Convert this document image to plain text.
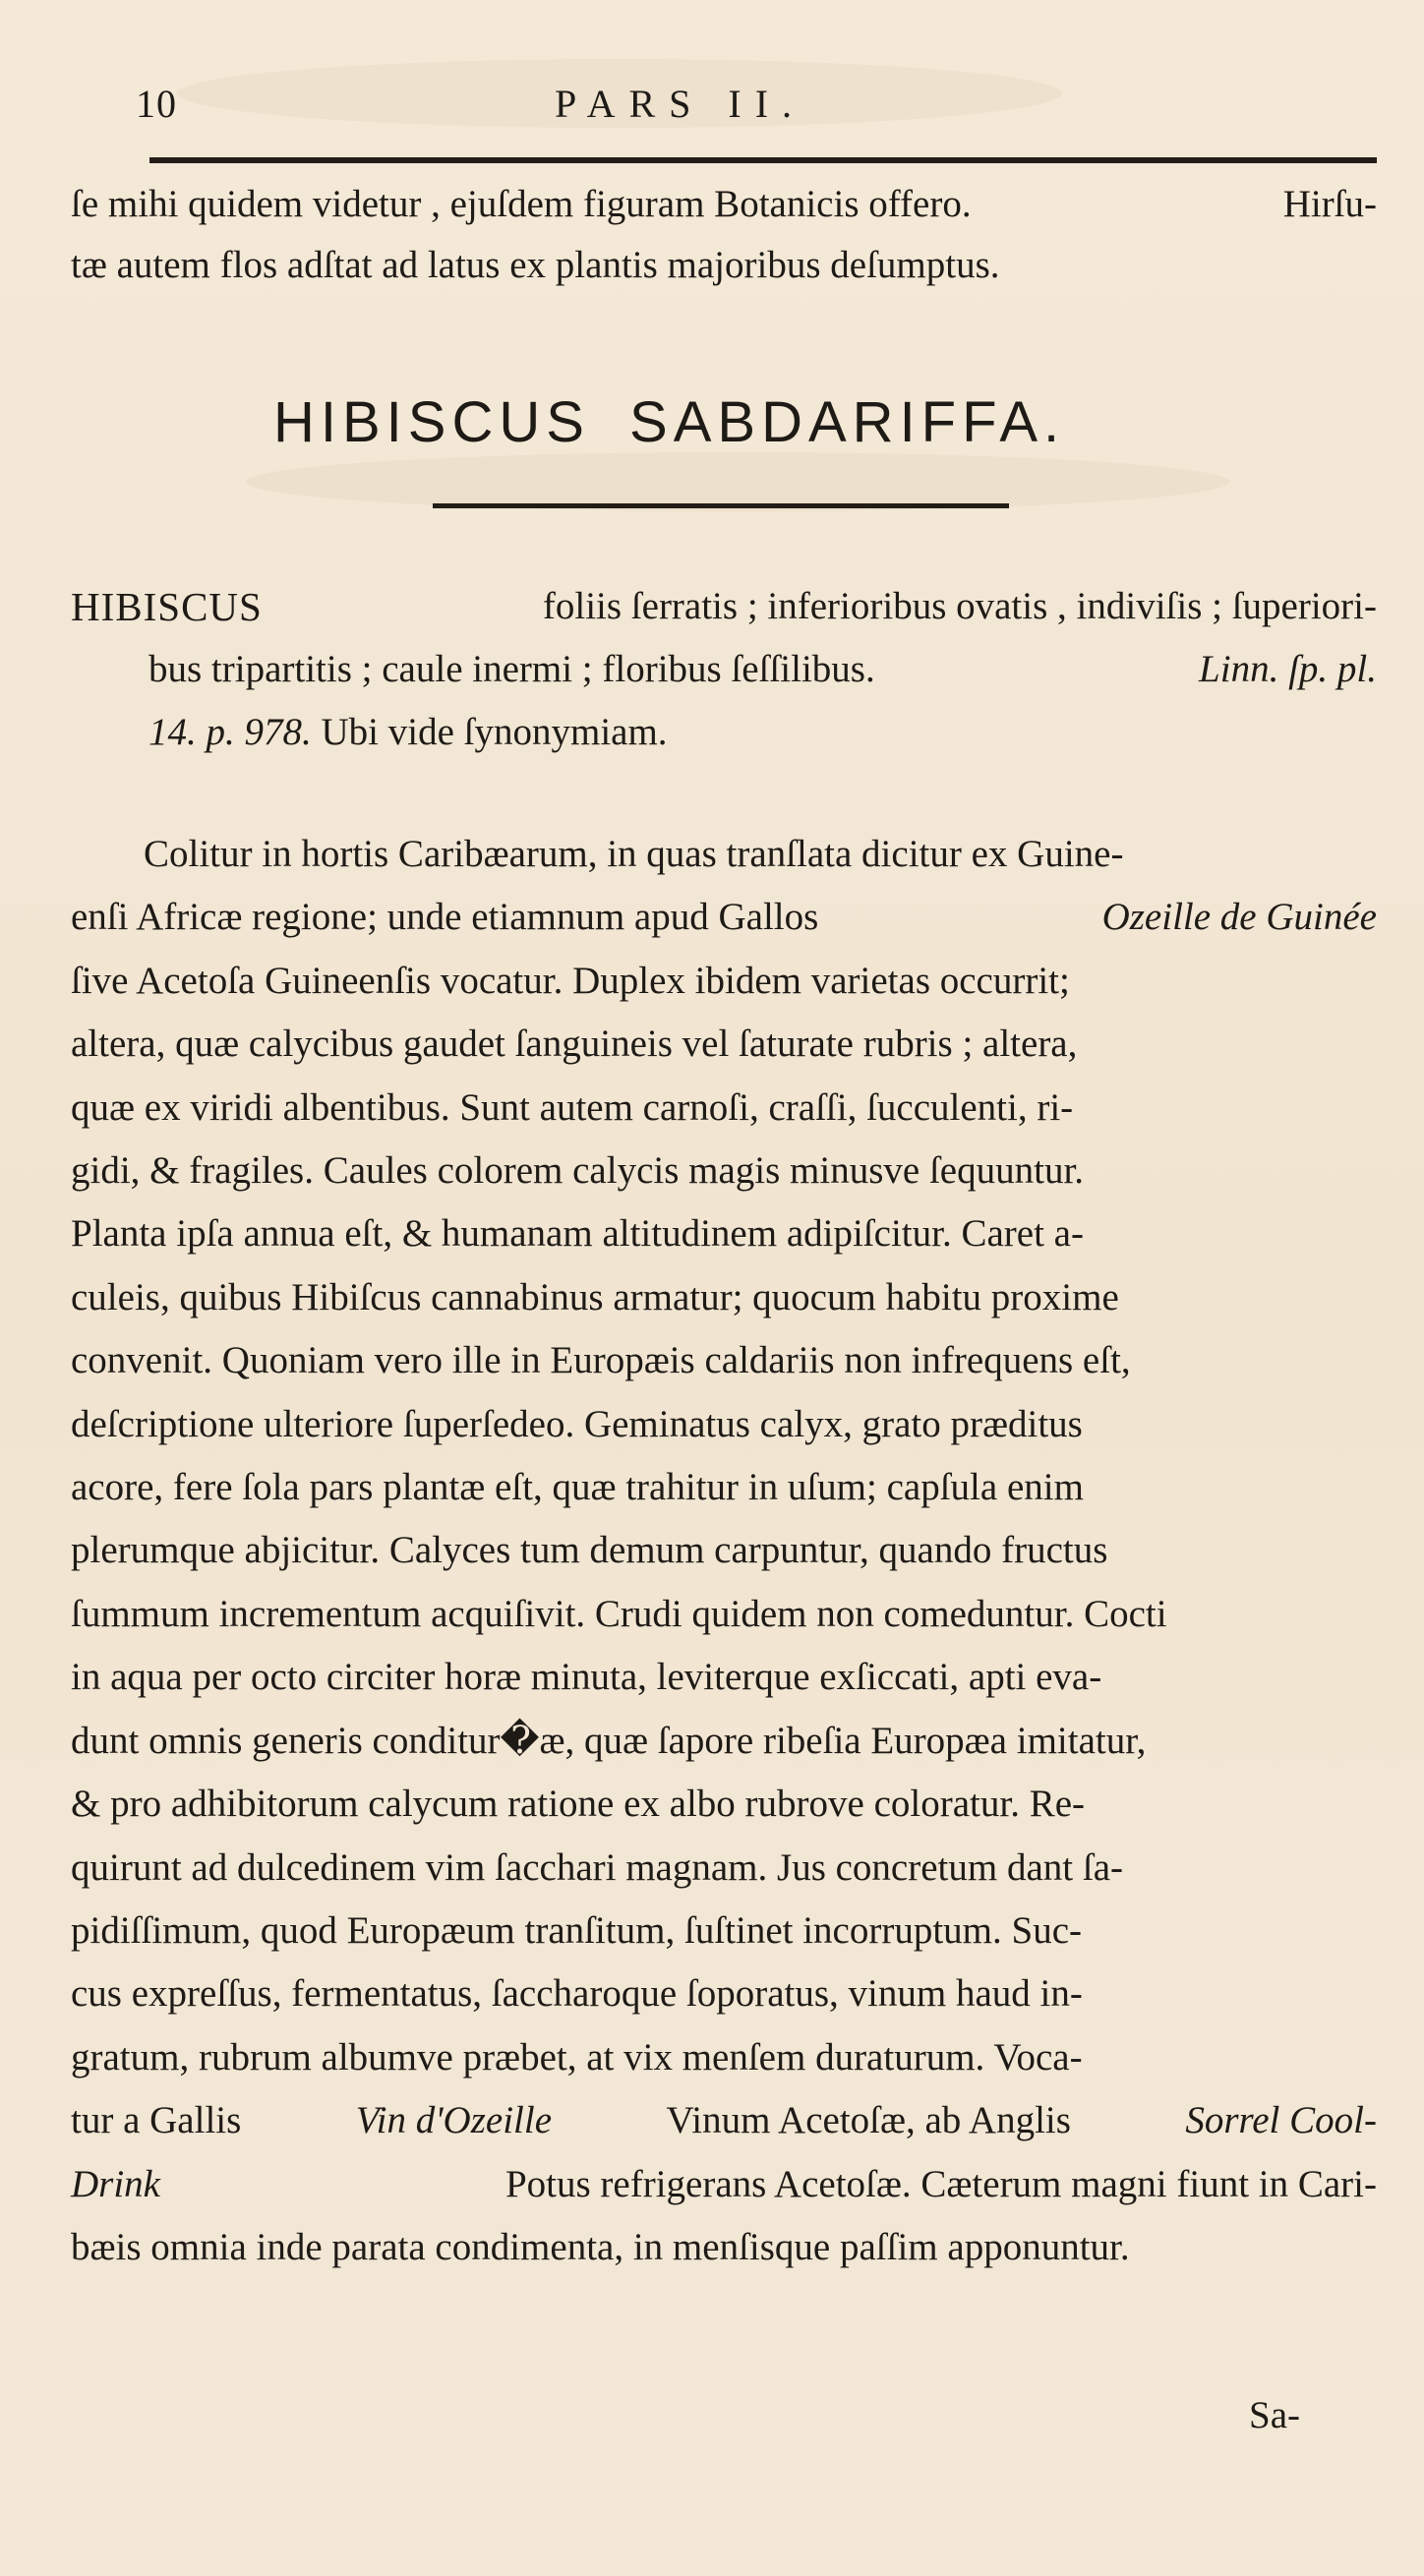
10	PARS II.
ſe mihi quidem videtur , ejuſdem figuram Botanicis offero.	Hirſu-
tæ autem flos adſtat ad latus ex plantis majoribus deſumptus.
HIBISCUS SABDARIFFA.
HIBISCUS	foliis ſerratis ; inferioribus ovatis , indiviſis ; ſuperiori-
bus tripartitis ; caule inermi ; floribus ſeſſilibus.	Linn. ſp. pl.
14. p. 978. Ubi vide ſynonymiam.
Colitur in hortis Caribæarum, in quas tranſlata dicitur ex Guine-
enſi Africæ regione; unde etiamnum apud Gallos	Ozeille de Guinée
ſive Acetoſa Guineenſis vocatur. Duplex ibidem varietas occurrit;
altera, quæ calycibus gaudet ſanguineis vel ſaturate rubris ; altera,
quæ ex viridi albentibus. Sunt autem carnoſi, craſſi, ſucculenti, ri-
gidi, & fragiles. Caules colorem calycis magis minusve ſequuntur.
Planta ipſa annua eſt, & humanam altitudinem adipiſcitur. Caret a-
culeis, quibus Hibiſcus cannabinus armatur; quocum habitu proxime
convenit. Quoniam vero ille in Europæis caldariis non infrequens eſt,
deſcriptione ulteriore ſuperſedeo. Geminatus calyx, grato præditus
acore, fere ſola pars plantæ eſt, quæ trahitur in uſum; capſula enim
plerumque abjicitur. Calyces tum demum carpuntur, quando fructus
ſummum incrementum acquiſivit. Crudi quidem non comeduntur. Cocti
in aqua per octo circiter horæ minuta, leviterque exſiccati, apti eva-
dunt omnis generis conditur�æ, quæ ſapore ribeſia Europæa imitatur,
& pro adhibitorum calycum ratione ex albo rubrove coloratur. Re-
quirunt ad dulcedinem vim ſacchari magnam. Jus concretum dant ſa-
pidiſſimum, quod Europæum tranſitum, ſuſtinet incorruptum. Suc-
cus expreſſus, fermentatus, ſaccharoque ſoporatus, vinum haud in-
gratum, rubrum albumve præbet, at vix menſem duraturum. Voca-
tur a Gallis	Vin d'Ozeille	Vinum Acetoſæ, ab Anglis	Sorrel Cool-
Drink	Potus refrigerans Acetoſæ. Cæterum magni fiunt in Cari-
bæis omnia inde parata condimenta, in menſisque paſſim apponuntur.
Sa-
